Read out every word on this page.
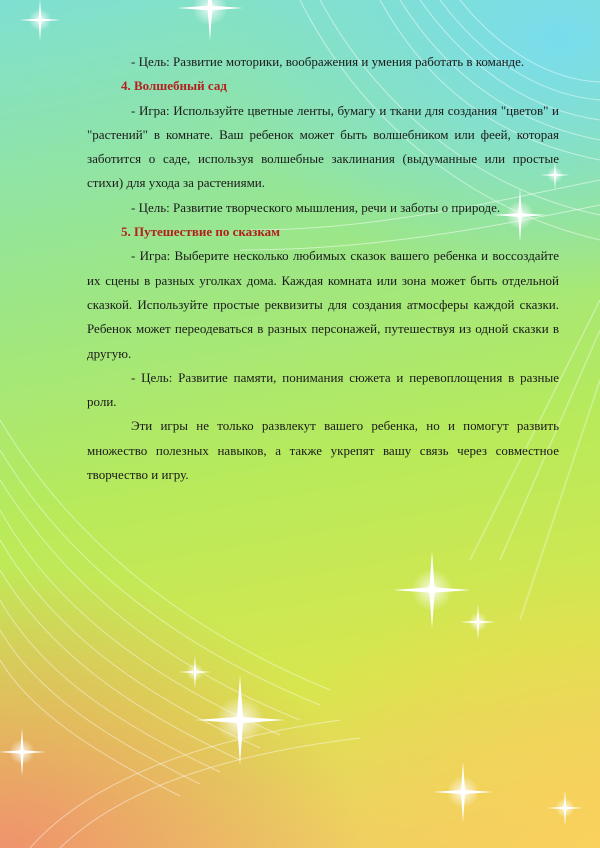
- Цель: Развитие моторики, воображения и умения работать в команде.

4. Волшебный сад

- Игра: Используйте цветные ленты, бумагу и ткани для создания "цветов" и "растений" в комнате. Ваш ребенок может быть волшебником или феей, которая заботится о саде, используя волшебные заклинания (выдуманные или простые стихи) для ухода за растениями.

- Цель: Развитие творческого мышления, речи и заботы о природе.

5. Путешествие по сказкам

- Игра: Выберите несколько любимых сказок вашего ребенка и воссоздайте их сцены в разных уголках дома. Каждая комната или зона может быть отдельной сказкой. Используйте простые реквизиты для создания атмосферы каждой сказки. Ребенок может переодеваться в разных персонажей, путешествуя из одной сказки в другую.

- Цель: Развитие памяти, понимания сюжета и перевоплощения в разные роли.

Эти игры не только развлекут вашего ребенка, но и помогут развить множество полезных навыков, а также укрепят вашу связь через совместное творчество и игру.
